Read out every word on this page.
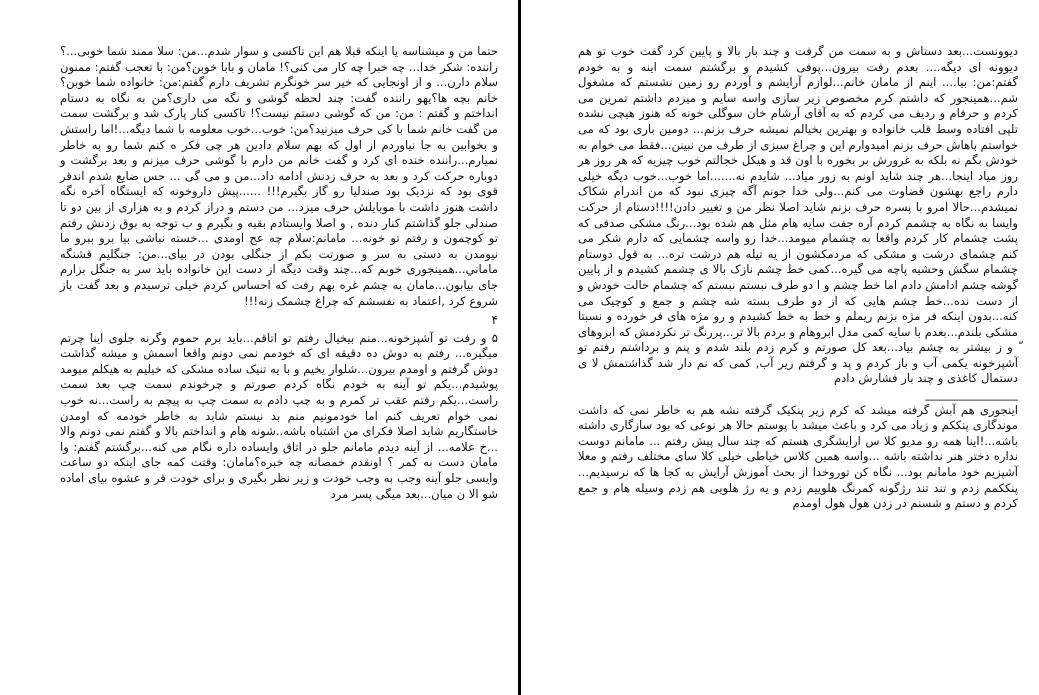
حتما من و میشناسه یا اینکه قبلا هم این تاکسی و سوار شدم...من: سلا ممند شما خوبی...؟راننده: شکر خدا... چه خبرا چه کار می کنی؟! مامان و بابا خوبن؟من: با تعجب گفتم: ممنون سلام دارن... و از اونجایی که خیر سر خونگرم تشریف دارم گفتم:من: خانواده شما خوبن؟ خانم بچه ها؟یهو راننده گفت: چند لحظه گوشی و نگه می داری؟من به نگاه به دستام انداختم و گفتم : من: من که گوشی دستم نیست؟! تاکسی کنار پارک شد و برگشت سمت من گفت خانم شما با کی حرف میزنید؟من: خوب...خوب معلومه با شما دیگه...!اما راستش و بخوابین به جا نیاوردم از اول که بهم سلام دادین هر چی فکر ه کنم شما رو به خاطر نمیارم...راننده خنده ای کرد و گفت خانم من دارم با گوشی حرف میزنم و بعد برگشت و دوباره حرکت کرد و بعد به حرف زدنش ادامه داد...من و می گی ... حس ضایع شدم اندقر قوی بود که نزدیک بود صندلیا رو گاز بگیرم!!! ......پیش داروخونه که ایستگاه آخره نگه داشت هنوز داشت با موبایلش حرف میزد... من دستم و دراز کردم و به هزاری از بین دو تا صندلی جلو گذاشتم کنار دنده , و اصلا وایستادم بقیه و بگیرم و ب توجه به بوق زدنش رفتم تو کوچمون و رفتم تو خونه... مامانم:سلام چه عج اومدی ...خسته نباشی بیا برو ببرو ما نیومدن به دستی به سر و صورتت بکم از جنگلی بودن در بیای...من: جنگلیم قشنگه ماماني...همینجوری خوبم که...چند وقت دیگه از دست این خانواده باید سر به جنگل بزارم جای بیابون...مامان به چشم غره بهم رفت که احساس کردم خیلی ترسیدم و بعد گفت باز شروع کرد ,اعتماد به نفسشم که چراغ چشمک زنه!!!

۴

۵ و رفت تو آشپزخونه...منم بیخیال رفتم تو اتاقم...باید برم حموم وگرنه جلوی اینا چرتم میگیره... رفتم به دوش ده دقیقه ای که خودمم نمی دونم واقعا اسمش و میشه گذاشت دوش گرفتم و اومدم بیرون...شلوار یخیم و با یه تنیک ساده مشکی که خیلیم به هیکلم میومد پوشیدم...یکم تو آینه به خودم نگاه کردم صورتم و چرخوندم سمت چپ بعد سمت راست...یکم رفتم عقب تر کمرم و به چپ دادم به سمت چپ به پیچم به راست...نه خوب نمی خوام تعریف کنم اما خودمونیم منم بد نیستم شاید به خاطر خودمه که اومدن خاستگاریم شاید اصلا فکرای من اشتباه باشه..شونه هام و انداختم بالا و گفتم نمی دونم والا ...خ علامه... از آینه دیدم مامانم جلو در اتاق وایساده داره نگام می کنه...برگشتم گفتم: وا مامان دست به کمر ؟ اونقدم خمصانه چه خبره؟مامان: وقتت کمه جای اینکه دو ساعت وایسی جلو آینه وجب به وجب خودت و زیر نظر بگیری و برای خودت قر و عشوه بیای اماده شو الا ن میان...بعد میگی پسر مرد

دیوونست...بعد دستاش و به سمت من گرفت و چند بار بالا و پایین کرد گفت خوب تو هم دیوونه ای دیگه.... بعدم رفت بیرون...پوفی کشیدم و برگشتم سمت اینه و به خودم گفتم:من: بیا.... اینم از مامان خانم...لوازم آرایشم و آوردم رو زمین نشستم که مشغول شم...همینجور که داشتم کرم مخصوص زیر سازی واسه سایم و میزدم داشتم تمرین می کردم و حرفام و ردیف می کردم که به آقای آرشام خان سوگلی خونه که هنوز هیچی نشده تلپی افتاده وسط قلب خانواده و بهترین بخیالم نمیشه حرف بزنم... دومین باری بود که می خواستم باهاش حرف بزنم امیدوارم این و چراغ سبزی از طرف من نبینن...فقط می خوام به خودش بگم نه بلکه به غرورش بر بخوره با اون قد و هیکل خجالتم خوب چیزیه که هر روز هر روز میاد اینجا...هر چند شاید اونم به زور میاد... شایدم نه.......اما خوب...خوب دیگه خیلی دارم راجع بهشون قضاوت می کنم...ولی خدا جونم آگه چیزی نبود که من اندرام شکاک نمیشدم...حالا امرو با پسره حرف بزنم شاید اصلا نظر من و تغییر دادن!!!!دستام از حرکت وایسا به نگاه به چشمم کردم آره جفت سایه هام مثل هم شده بود...رنگ مشکی صدفی که پشت چشمام کار کردم واقعا به چشمام میومد...خدا رو واسه چشمایی که دارم شکر می کنم چشمای درشت و مشکی که مردمکشون از یه تیله هم درشت تره... به قول دوستام چشمام سگش وحشیه پاچه می گیره...کمی خط چشم نازک بالا ی چشمم کشیدم و از پایین گوشه چشم ادامش دادم اما خط چشم و ا دو طرف نبستم نبستم که چشمام حالت خودش و از دست نده...خط چشم هایی که از دو طرف بسته شه چشم و جمع و کوچیک می کنه...بدون اینکه فر مژه بزنم ریملم و خط به خط کشیدم و رو مژه های فر خورده و نسبتا مشکی بلندم...بعدم با سایه کمی مدل ابروهام و بردم بالا تر...پررنگ تر نکردمش که ابروهای ّ و ز بیشتر به چشم بیاد...بعد کل صورتم و کرم زدم بلند شدم و پنم و برداشتم رفتم تو آشپزخونه یکمی آب و باز کردم و پد و گرفتم زیر آب, کمی که نم دار شد گذاشتمش لا ی دستمال کاغذی و چند بار فشارش دادم

________________

اینجوری هم آبش گرفته میشد که کرم زیر پنکیک گرفته نشه هم به خاطر نمی که داشت موندگاری پنککم و زیاد می کرد و باعث میشد با پوستم حالا هر نوعی که بود سازگاری داشته باشه...!اینا همه رو مدیو کلا س ارایشگری هستم که چند سال پیش رفتم ... مامانم دوست نداره دختر هنر نداشته باشه ...واسه همین کلاس خیاطی خیلی کلا سای مختلف رفتم و معلا آشپزیم خود مامانم بود... نگاه کن توروخدا از بحث آموزش آرایش به کجا ها که نرسیدیم... پنککمم زدم و تند تند رژگونه کمرنگ هلوییم زدم و یه رژ هلویی هم زدم وسیله هام و جمع کردم و دستم و شسنم در زدن هول هول اومدم
